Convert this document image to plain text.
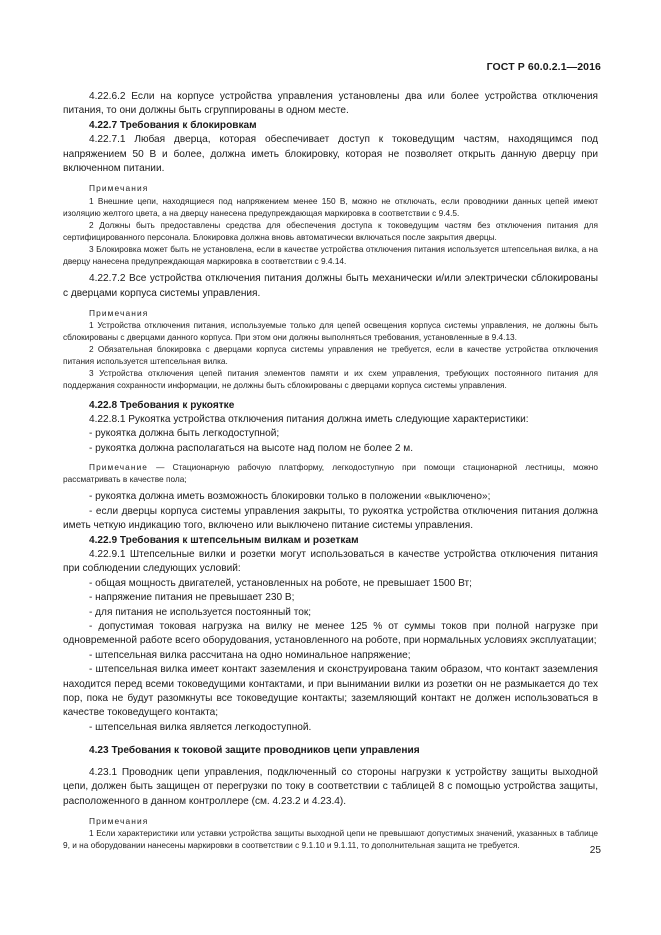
ГОСТ Р 60.0.2.1—2016

4.22.6.2 Если на корпусе устройства управления установлены два или более устройства отключения питания, то они должны быть сгруппированы в одном месте.

4.22.7 Требования к блокировкам

4.22.7.1 Любая дверца, которая обеспечивает доступ к токоведущим частям, находящимся под напряжением 50 В и более, должна иметь блокировку, которая не позволяет открыть данную дверцу при включенном питании.

Примечания

1 Внешние цепи, находящиеся под напряжением менее 150 В, можно не отключать, если проводники данных цепей имеют изоляцию желтого цвета, а на дверцу нанесена предупреждающая маркировка в соответствии с 9.4.5.

2 Должны быть предоставлены средства для обеспечения доступа к токоведущим частям без отключения питания для сертифицированного персонала. Блокировка должна вновь автоматически включаться после закрытия дверцы.

3 Блокировка может быть не установлена, если в качестве устройства отключения питания используется штепсельная вилка, а на дверцу нанесена предупреждающая маркировка в соответствии с 9.4.14.

4.22.7.2 Все устройства отключения питания должны быть механически и/или электрически сблокированы с дверцами корпуса системы управления.

Примечания

1 Устройства отключения питания, используемые только для цепей освещения корпуса системы управления, не должны быть сблокированы с дверцами данного корпуса. При этом они должны выполняться требования, установленные в 9.4.13.

2 Обязательная блокировка с дверцами корпуса системы управления не требуется, если в качестве устройства отключения питания используется штепсельная вилка.

3 Устройства отключения цепей питания элементов памяти и их схем управления, требующих постоянного питания для поддержания сохранности информации, не должны быть сблокированы с дверцами корпуса системы управления.

4.22.8 Требования к рукоятке

4.22.8.1 Рукоятка устройства отключения питания должна иметь следующие характеристики:

- рукоятка должна быть легкодоступной;

- рукоятка должна располагаться на высоте над полом не более 2 м.

Примечание — Стационарную рабочую платформу, легкодоступную при помощи стационарной лестницы, можно рассматривать в качестве пола;

- рукоятка должна иметь возможность блокировки только в положении «выключено»;

- если дверцы корпуса системы управления закрыты, то рукоятка устройства отключения питания должна иметь четкую индикацию того, включено или выключено питание системы управления.

4.22.9 Требования к штепсельным вилкам и розеткам

4.22.9.1 Штепсельные вилки и розетки могут использоваться в качестве устройства отключения питания при соблюдении следующих условий:

- общая мощность двигателей, установленных на роботе, не превышает 1500 Вт;

- напряжение питания не превышает 230 В;

- для питания не используется постоянный ток;

- допустимая токовая нагрузка на вилку не менее 125 % от суммы токов при полной нагрузке при одновременной работе всего оборудования, установленного на роботе, при нормальных условиях эксплуатации;

- штепсельная вилка рассчитана на одно номинальное напряжение;

- штепсельная вилка имеет контакт заземления и сконструирована таким образом, что контакт заземления находится перед всеми токоведущими контактами, и при вынимании вилки из розетки он не размыкается до тех пор, пока не будут разомкнуты все токоведущие контакты; заземляющий контакт не должен использоваться в качестве токоведущего контакта;

- штепсельная вилка является легкодоступной.

4.23 Требования к токовой защите проводников цепи управления

4.23.1 Проводник цепи управления, подключенный со стороны нагрузки к устройству защиты выходной цепи, должен быть защищен от перегрузки по току в соответствии с таблицей 8 с помощью устройства защиты, расположенного в данном контроллере (см. 4.23.2 и 4.23.4).

Примечания

1 Если характеристики или уставки устройства защиты выходной цепи не превышают допустимых значений, указанных в таблице 9, и на оборудовании нанесены маркировки в соответствии с 9.1.10 и 9.1.11, то дополнительная защита не требуется.	25
